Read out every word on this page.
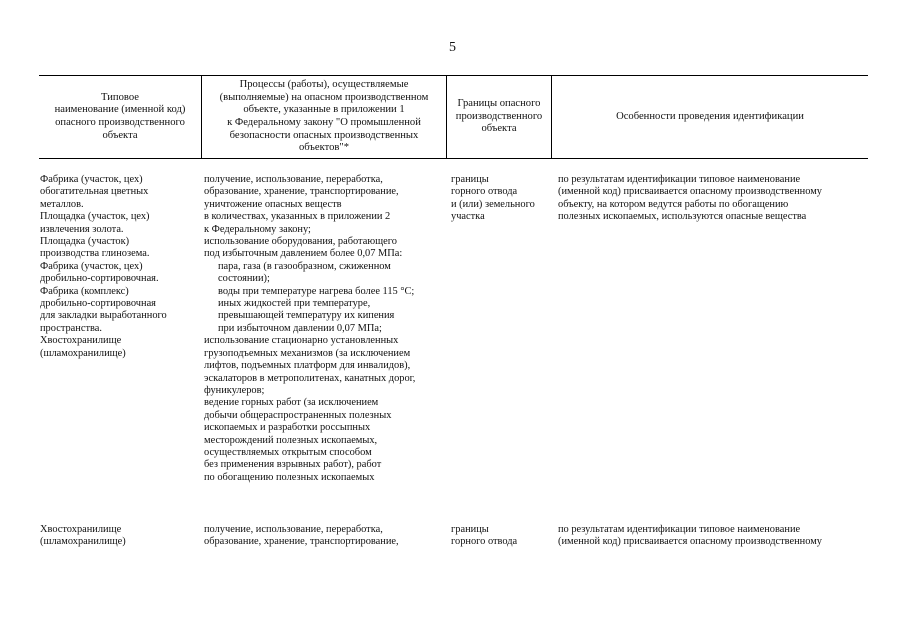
5
Типовое
наименование (именной код)
опасного производственного
объекта
Процессы (работы), осуществляемые
(выполняемые) на опасном производственном
объекте, указанные в приложении 1
к Федеральному закону "О промышленной
безопасности опасных производственных
объектов"*
Границы опасного
производственного
объекта
Особенности проведения идентификации
Фабрика (участок, цех)
обогатительная цветных
металлов.
Площадка (участок, цех)
извлечения золота.
Площадка (участок)
производства глинозема.
Фабрика (участок, цех)
дробильно-сортировочная.
Фабрика (комплекс)
дробильно-сортировочная
для закладки выработанного
пространства.
Хвостохранилище
(шламохранилище)
получение, использование, переработка,
образование, хранение, транспортирование,
уничтожение опасных веществ
в количествах, указанных в приложении 2
к Федеральному закону;
использование оборудования, работающего
под избыточным давлением более 0,07 МПа:
пара, газа (в газообразном, сжиженном
состоянии);
воды при температуре нагрева более 115 °С;
иных жидкостей при температуре,
превышающей температуру их кипения
при избыточном давлении 0,07 МПа;
использование стационарно установленных
грузоподъемных механизмов (за исключением
лифтов, подъемных платформ для инвалидов),
эскалаторов в метрополитенах, канатных дорог,
фуникулеров;
ведение горных работ (за исключением
добычи общераспространенных полезных
ископаемых и разработки россыпных
месторождений полезных ископаемых,
осуществляемых открытым способом
без применения взрывных работ), работ
по обогащению полезных ископаемых
границы
горного отвода
и (или) земельного
участка
по результатам идентификации типовое наименование
(именной код) присваивается опасному производственному
объекту, на котором ведутся работы по обогащению
полезных ископаемых, используются опасные вещества
Хвостохранилище
(шламохранилище)
получение, использование, переработка,
образование, хранение, транспортирование,
границы
горного отвода
по результатам идентификации типовое наименование
(именной код) присваивается опасному производственному
